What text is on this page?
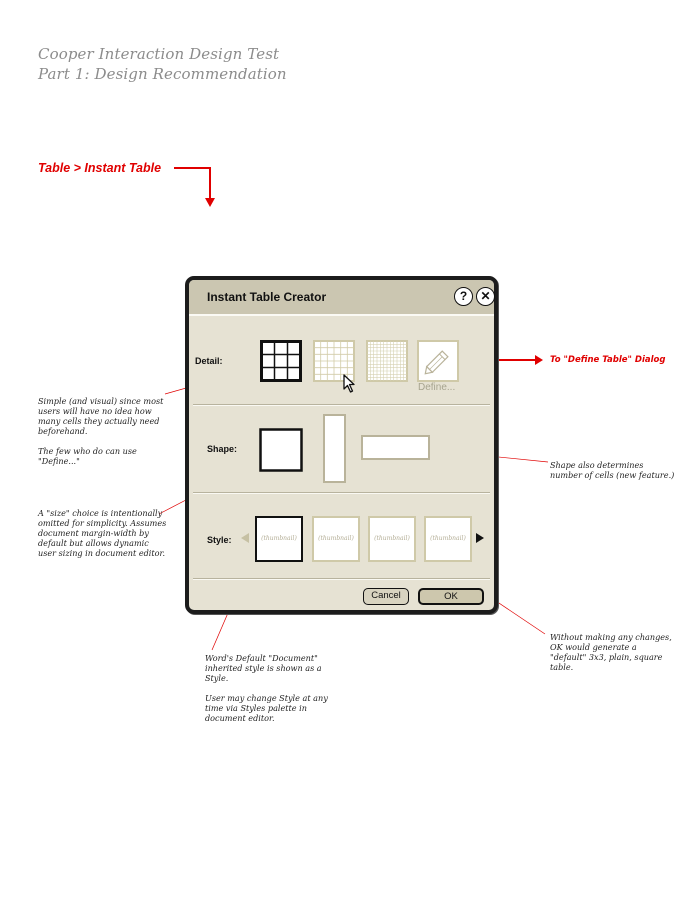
Cooper Interaction Design Test
Part 1: Design Recommendation
Table > Instant Table
Instant Table Creator	?	✕
Detail:
Define...
Shape:
Style:	(thumbnail)	(thumbnail)	(thumbnail)	(thumbnail)
Cancel	OK
To "Define Table" Dialog

Simple (and visual) since most users will have no idea how many cells they actually need beforehand.

The few who do can use "Define..."

A "size" choice is intentionally omitted for simplicity. Assumes document margin-width by default but allows dynamic user sizing in document editor.

Shape also determines number of cells (new feature.)

Word's Default "Document" inherited style is shown as a Style.

User may change Style at any time via Styles palette in document editor.

Without making any changes, OK would generate a "default" 3x3, plain, square table.
